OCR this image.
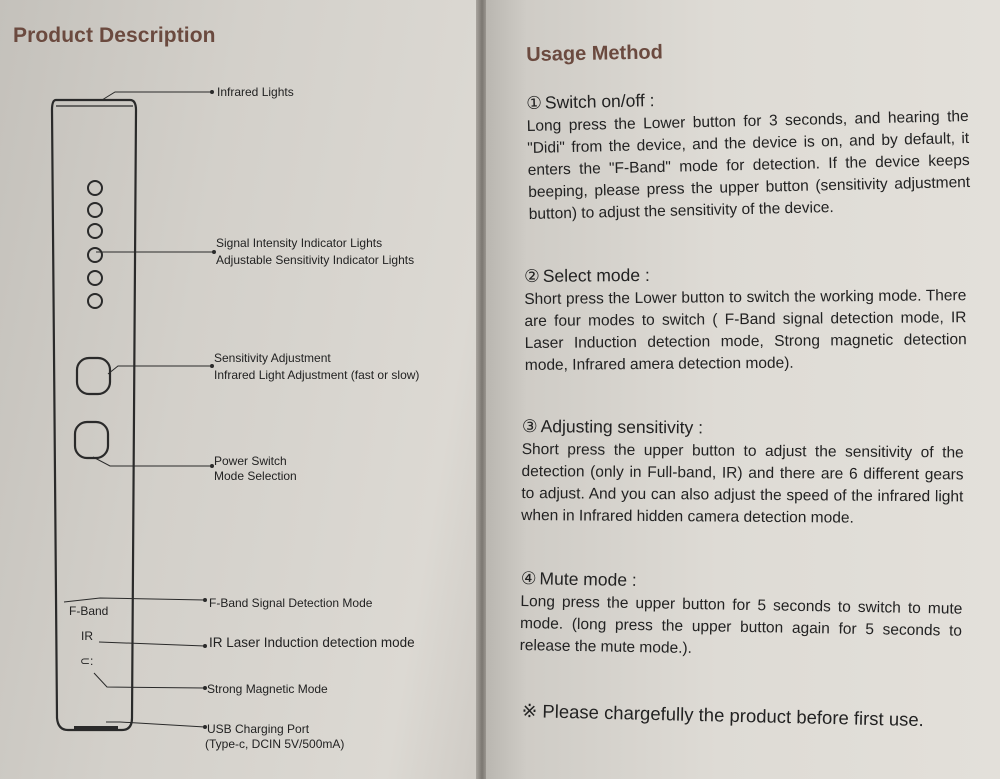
Product Description
Infrared Lights
Signal Intensity Indicator Lights
Adjustable Sensitivity Indicator Lights
Sensitivity Adjustment
Infrared Light Adjustment (fast or slow)
Power Switch
Mode Selection
F-Band Signal Detection Mode
IR Laser Induction detection mode
Strong Magnetic Mode
USB Charging Port
(Type-c, DCIN 5V/500mA)
F-Band
IR
⊂:
Usage Method
① Switch on/off :

Long press the Lower button for 3 seconds, and hearing the "Didi" from the device, and the device is on, and by default, it enters the "F-Band" mode for detection. If the device keeps beeping, please press the upper button (sensitivity adjustment button) to adjust the sensitivity of the device.

② Select mode :

Short press the Lower button to switch the working mode. There are four modes to switch ( F-Band signal detection mode, IR Laser Induction detection mode, Strong magnetic detection mode, Infrared amera detection mode).

③ Adjusting sensitivity :

Short press the upper button to adjust the sensitivity of the detection (only in Full-band, IR) and there are 6 different gears to adjust. And you can also adjust the speed of the infrared light when in Infrared hidden camera detection mode.

④ Mute mode :

Long press the upper button for 5 seconds to switch to mute mode. (long press the upper button again for 5 seconds to release the mute mode.).

※ Please chargefully the product before first use.
